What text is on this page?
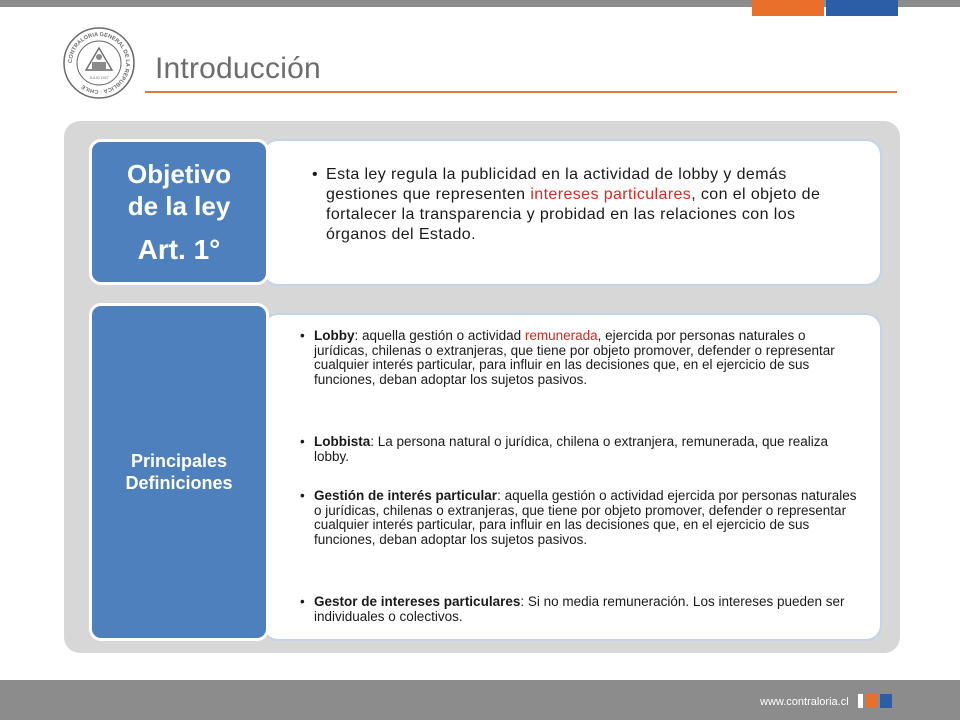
CONTRALORIA GENERAL DE LA REPUBLICA · CHILE
JULIO 1927 Introducción
• Esta ley regula la publicidad en la actividad de lobby y demás gestiones que representen intereses particulares, con el objeto de fortalecer la transparencia y probidad en las relaciones con los órganos del Estado.
Objetivo
de la ley
Art. 1°
• Lobby: aquella gestión o actividad remunerada, ejercida por personas naturales o jurídicas, chilenas o extranjeras, que tiene por objeto promover, defender o representar cualquier interés particular, para influir en las decisiones que, en el ejercicio de sus funciones, deban adoptar los sujetos pasivos.
• Lobbista: La persona natural o jurídica, chilena o extranjera, remunerada, que realiza lobby.
• Gestión de interés particular: aquella gestión o actividad ejercida por personas naturales o jurídicas, chilenas o extranjeras, que tiene por objeto promover, defender o representar cualquier interés particular, para influir en las decisiones que, en el ejercicio de sus funciones, deban adoptar los sujetos pasivos.
• Gestor de intereses particulares: Si no media remuneración. Los intereses pueden ser individuales o colectivos.
Principales
Definiciones
www.contraloria.cl
